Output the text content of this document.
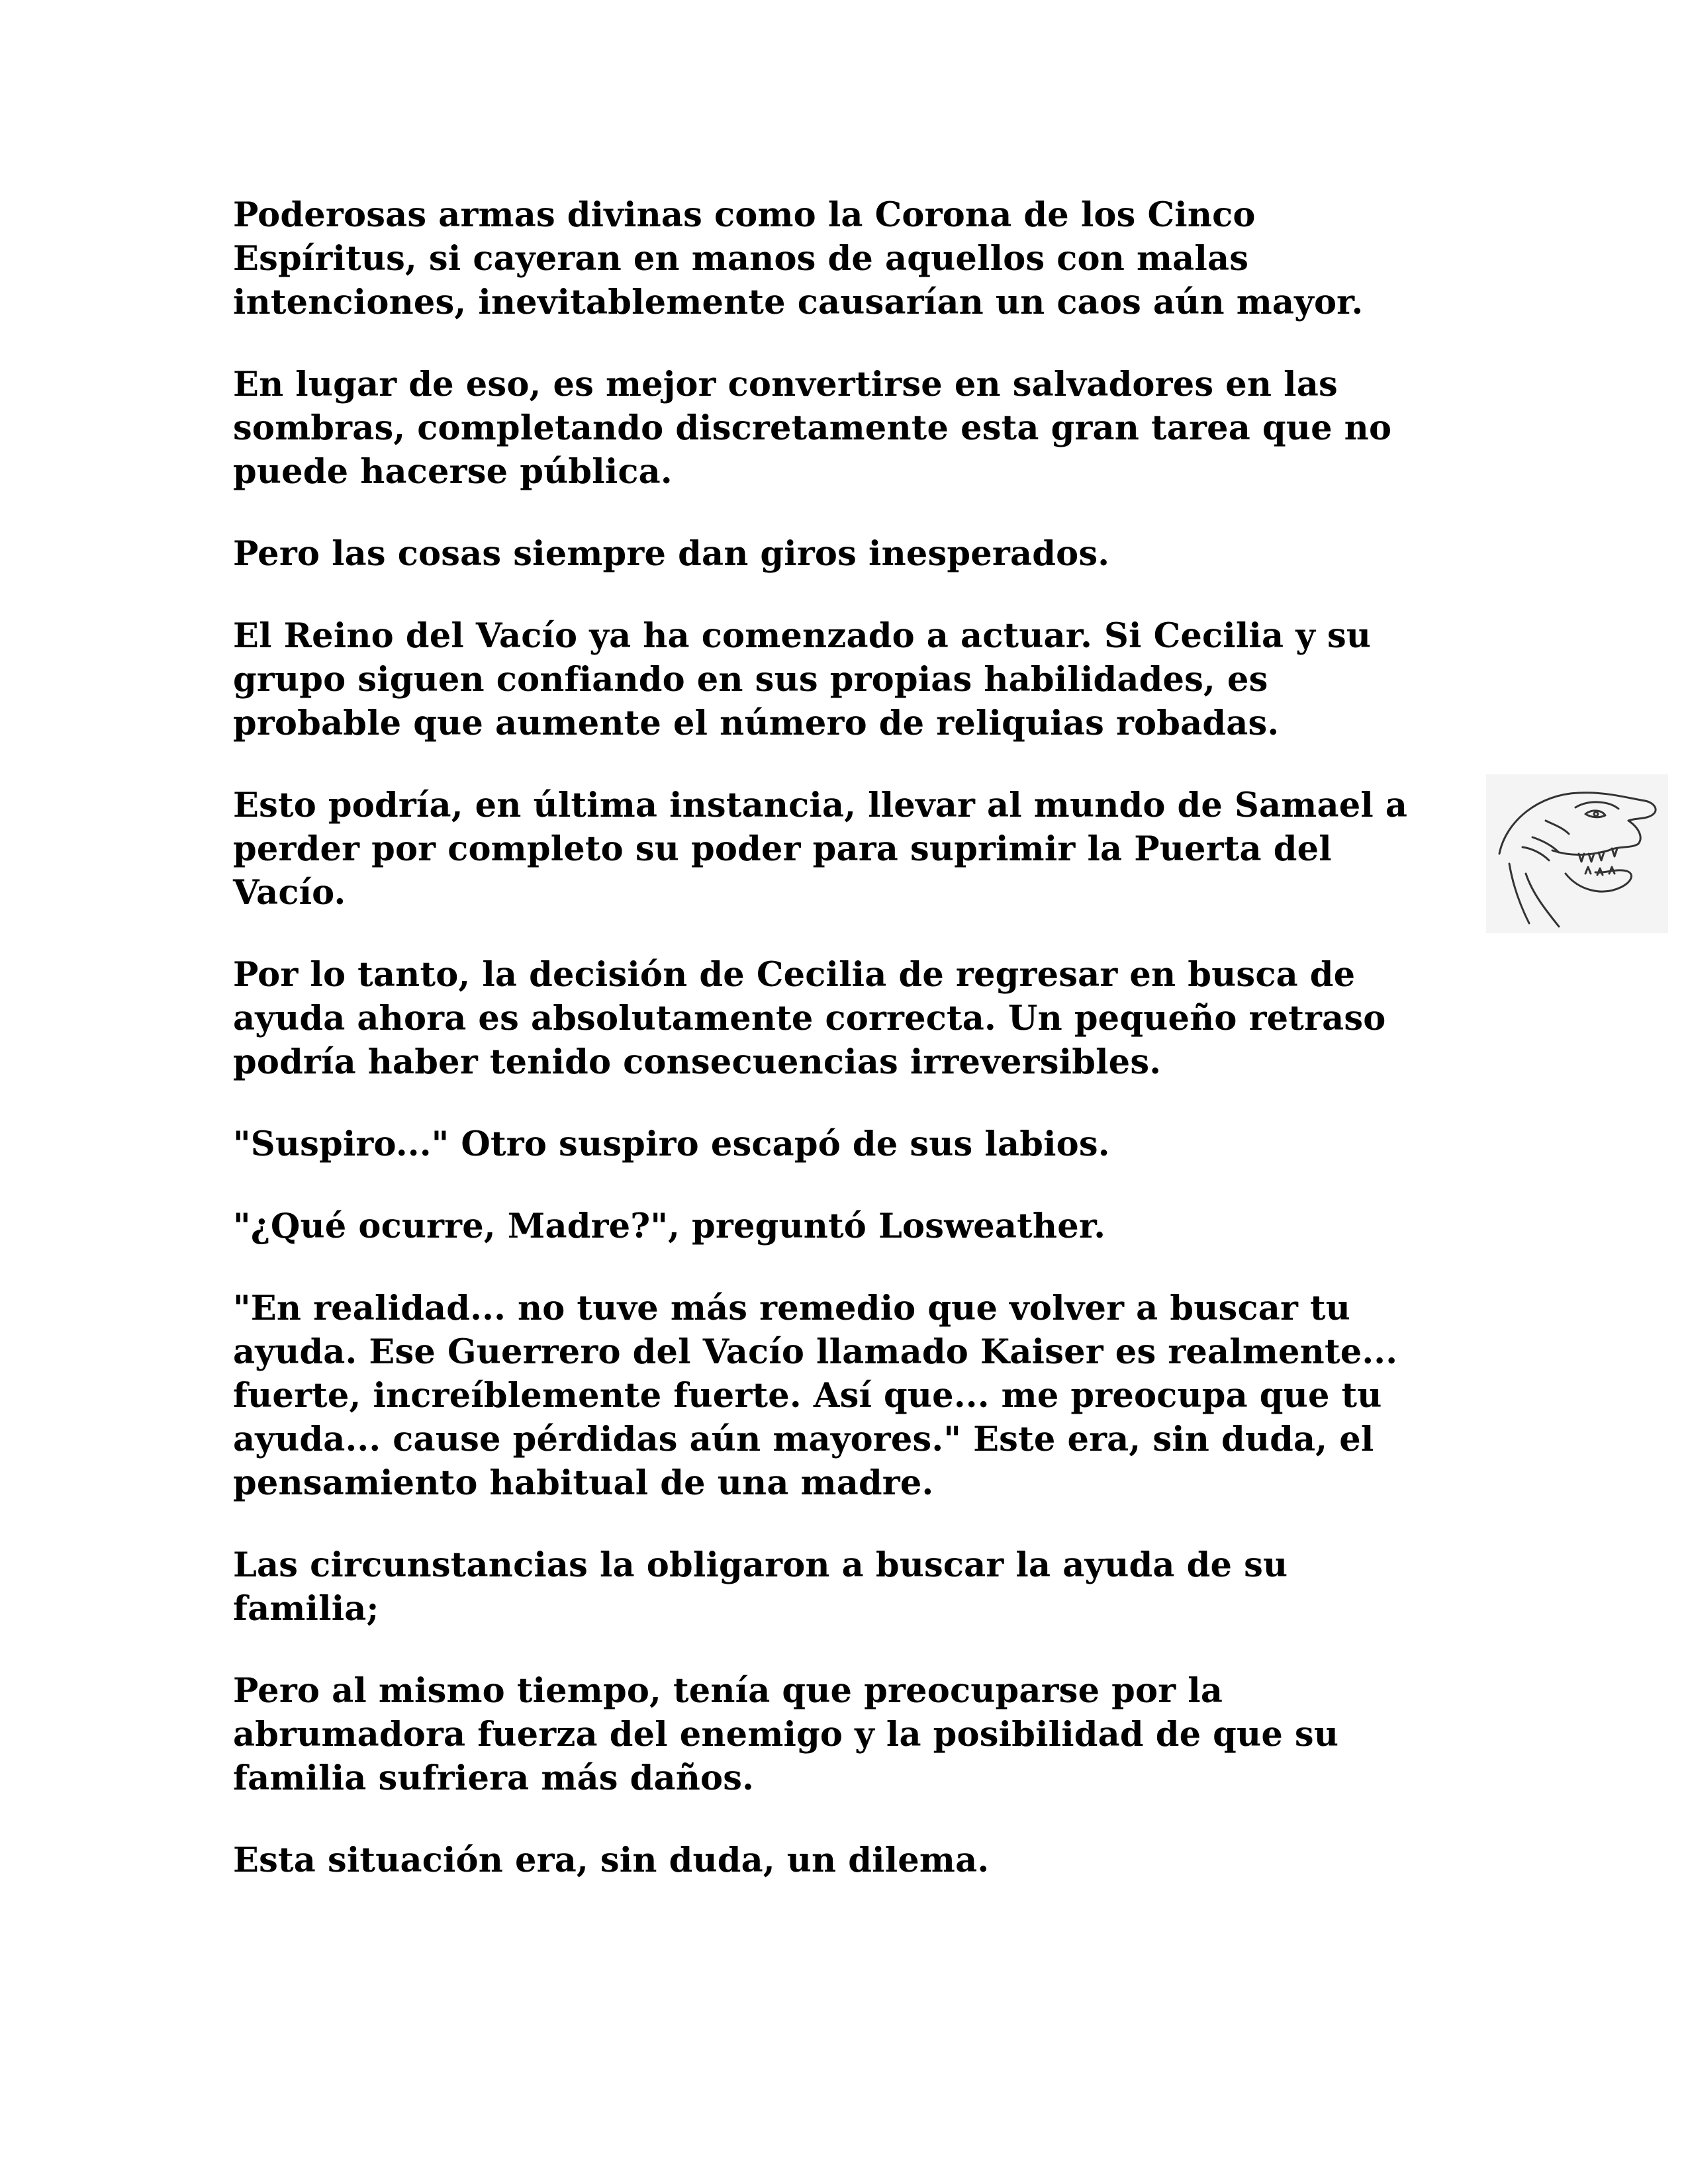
Poderosas armas divinas como la Corona de los Cinco Espíritus, si cayeran en manos de aquellos con malas intenciones, inevitablemente causarían un caos aún mayor.

En lugar de eso, es mejor convertirse en salvadores en las sombras, completando discretamente esta gran tarea que no puede hacerse pública.

Pero las cosas siempre dan giros inesperados.

El Reino del Vacío ya ha comenzado a actuar. Si Cecilia y su grupo siguen confiando en sus propias habilidades, es probable que aumente el número de reliquias robadas.

Esto podría, en última instancia, llevar al mundo de Samael a perder por completo su poder para suprimir la Puerta del Vacío.

Por lo tanto, la decisión de Cecilia de regresar en busca de ayuda ahora es absolutamente correcta. Un pequeño retraso podría haber tenido consecuencias irreversibles.

"Suspiro..." Otro suspiro escapó de sus labios.

"¿Qué ocurre, Madre?", preguntó Losweather.

"En realidad... no tuve más remedio que volver a buscar tu ayuda. Ese Guerrero del Vacío llamado Kaiser es realmente... fuerte, increíblemente fuerte. Así que... me preocupa que tu ayuda... cause pérdidas aún mayores." Este era, sin duda, el pensamiento habitual de una madre.

Las circunstancias la obligaron a buscar la ayuda de su familia;

Pero al mismo tiempo, tenía que preocuparse por la abrumadora fuerza del enemigo y la posibilidad de que su familia sufriera más daños.

Esta situación era, sin duda, un dilema.
